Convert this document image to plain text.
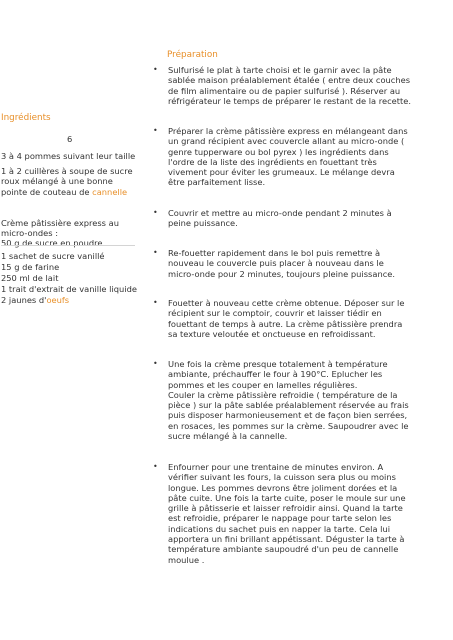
Ingrédients
6
3 à 4 pommes suivant leur taille
1 à 2 cuillères à soupe de sucre roux mélangé à une bonne pointe de couteau de cannelle
Crème pâtissière express au micro-ondes :
50 g de sucre en poudre
1 sachet de sucre vanillé
15 g de farine
250 ml de lait
1 trait d'extrait de vanille liquide
2 jaunes d'oeufs
Préparation
• Sulfurisé le plat à tarte choisi et le garnir avec la pâte sablée maison préalablement étalée ( entre deux couches de film alimentaire ou de papier sulfurisé ). Réserver au réfrigérateur le temps de préparer le restant de la recette.
• Préparer la crème pâtissière express en mélangeant dans un grand récipient avec couvercle allant au micro-onde ( genre tupperware ou bol pyrex ) les ingrédients dans l'ordre de la liste des ingrédients en fouettant très vivement pour éviter les grumeaux. Le mélange devra être parfaitement lisse.
• Couvrir et mettre au micro-onde pendant 2 minutes à peine puissance.
• Re-fouetter rapidement dans le bol puis remettre à nouveau le couvercle puis placer à nouveau dans le micro-onde pour 2 minutes, toujours pleine puissance.
• Fouetter à nouveau cette crème obtenue. Déposer sur le récipient sur le comptoir, couvrir et laisser tiédir en fouettant de temps à autre. La crème pâtissière prendra sa texture veloutée et onctueuse en refroidissant.
• Une fois la crème presque totalement à température ambiante, préchauffer le four à 190°C. Eplucher les pommes et les couper en lamelles régulières.
Couler la crème pâtissière refroidie ( température de la pièce ) sur la pâte sablée préalablement réservée au frais puis disposer harmonieusement et de façon bien serrées, en rosaces, les pommes sur la crème. Saupoudrer avec le sucre mélangé à la cannelle.
• Enfourner pour une trentaine de minutes environ. A vérifier suivant les fours, la cuisson sera plus ou moins longue. Les pommes devrons être joliment dorées et la pâte cuite. Une fois la tarte cuite, poser le moule sur une grille à pâtisserie et laisser refroidir ainsi. Quand la tarte est refroidie, préparer le nappage pour tarte selon les indications du sachet puis en napper la tarte. Cela lui apportera un fini brillant appétissant. Déguster la tarte à température ambiante saupoudré d'un peu de cannelle moulue .
